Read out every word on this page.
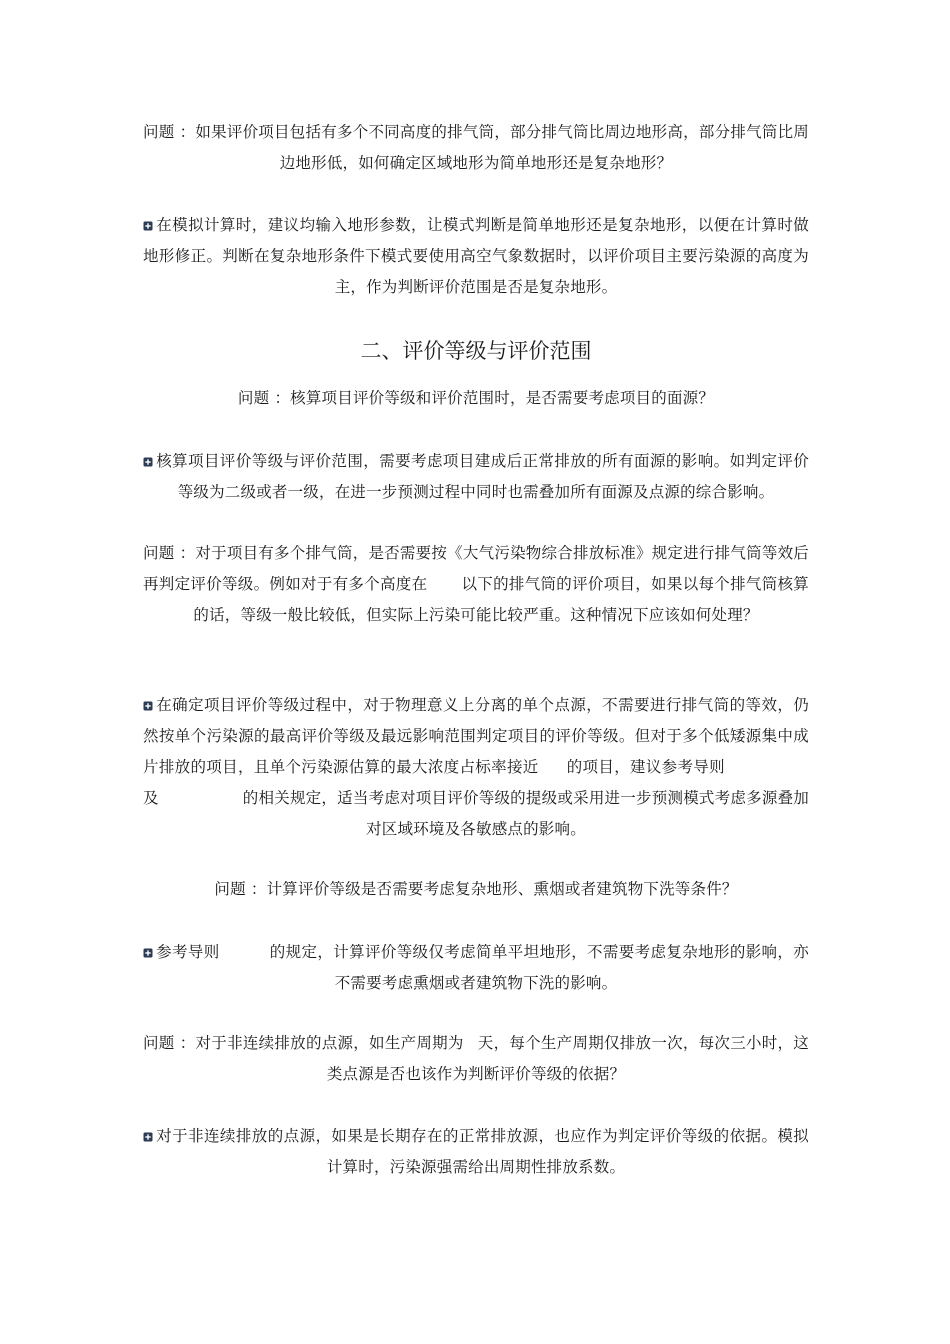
问题 ：如果评价项目包括有多个不同高度的排气筒，部分排气筒比周边地形高，部分排气筒比周边地形低，如何确定区域地形为简单地形还是复杂地形？
在模拟计算时，建议均输入地形参数，让模式判断是简单地形还是复杂地形，以便在计算时做地形修正。判断在复杂地形条件下模式要使用高空气象数据时，以评价项目主要污染源的高度为主，作为判断评价范围是否是复杂地形。
二、评价等级与评价范围
问题 ：核算项目评价等级和评价范围时，是否需要考虑项目的面源？
核算项目评价等级与评价范围，需要考虑项目建成后正常排放的所有面源的影响。如判定评价等级为二级或者一级，在进一步预测过程中同时也需叠加所有面源及点源的综合影响。
问题 ：对于项目有多个排气筒，是否需要按《大气污染物综合排放标准》规定进行排气筒等效后再判定评价等级。例如对于有多个高度在 以下的排气筒的评价项目，如果以每个排气筒核算的话，等级一般比较低，但实际上污染可能比较严重。这种情况下应该如何处理？
在确定项目评价等级过程中，对于物理意义上分离的单个点源，不需要进行排气筒的等效，仍然按单个污染源的最高评价等级及最远影响范围判定项目的评价等级。但对于多个低矮源集中成片排放的项目，且单个污染源估算的最大浓度占标率接近 的项目，建议参考导则及	的相关规定，适当考虑对项目评价等级的提级或采用进一步预测模式考虑多源叠加对区域环境及各敏感点的影响。
问题 ：计算评价等级是否需要考虑复杂地形、熏烟或者建筑物下洗等条件？
参考导则	的规定，计算评价等级仅考虑简单平坦地形，不需要考虑复杂地形的影响，亦不需要考虑熏烟或者建筑物下洗的影响。
问题 ：对于非连续排放的点源，如生产周期为 天，每个生产周期仅排放一次，每次三小时，这类点源是否也该作为判断评价等级的依据？
对于非连续排放的点源，如果是长期存在的正常排放源，也应作为判定评价等级的依据。模拟计算时，污染源强需给出周期性排放系数。
